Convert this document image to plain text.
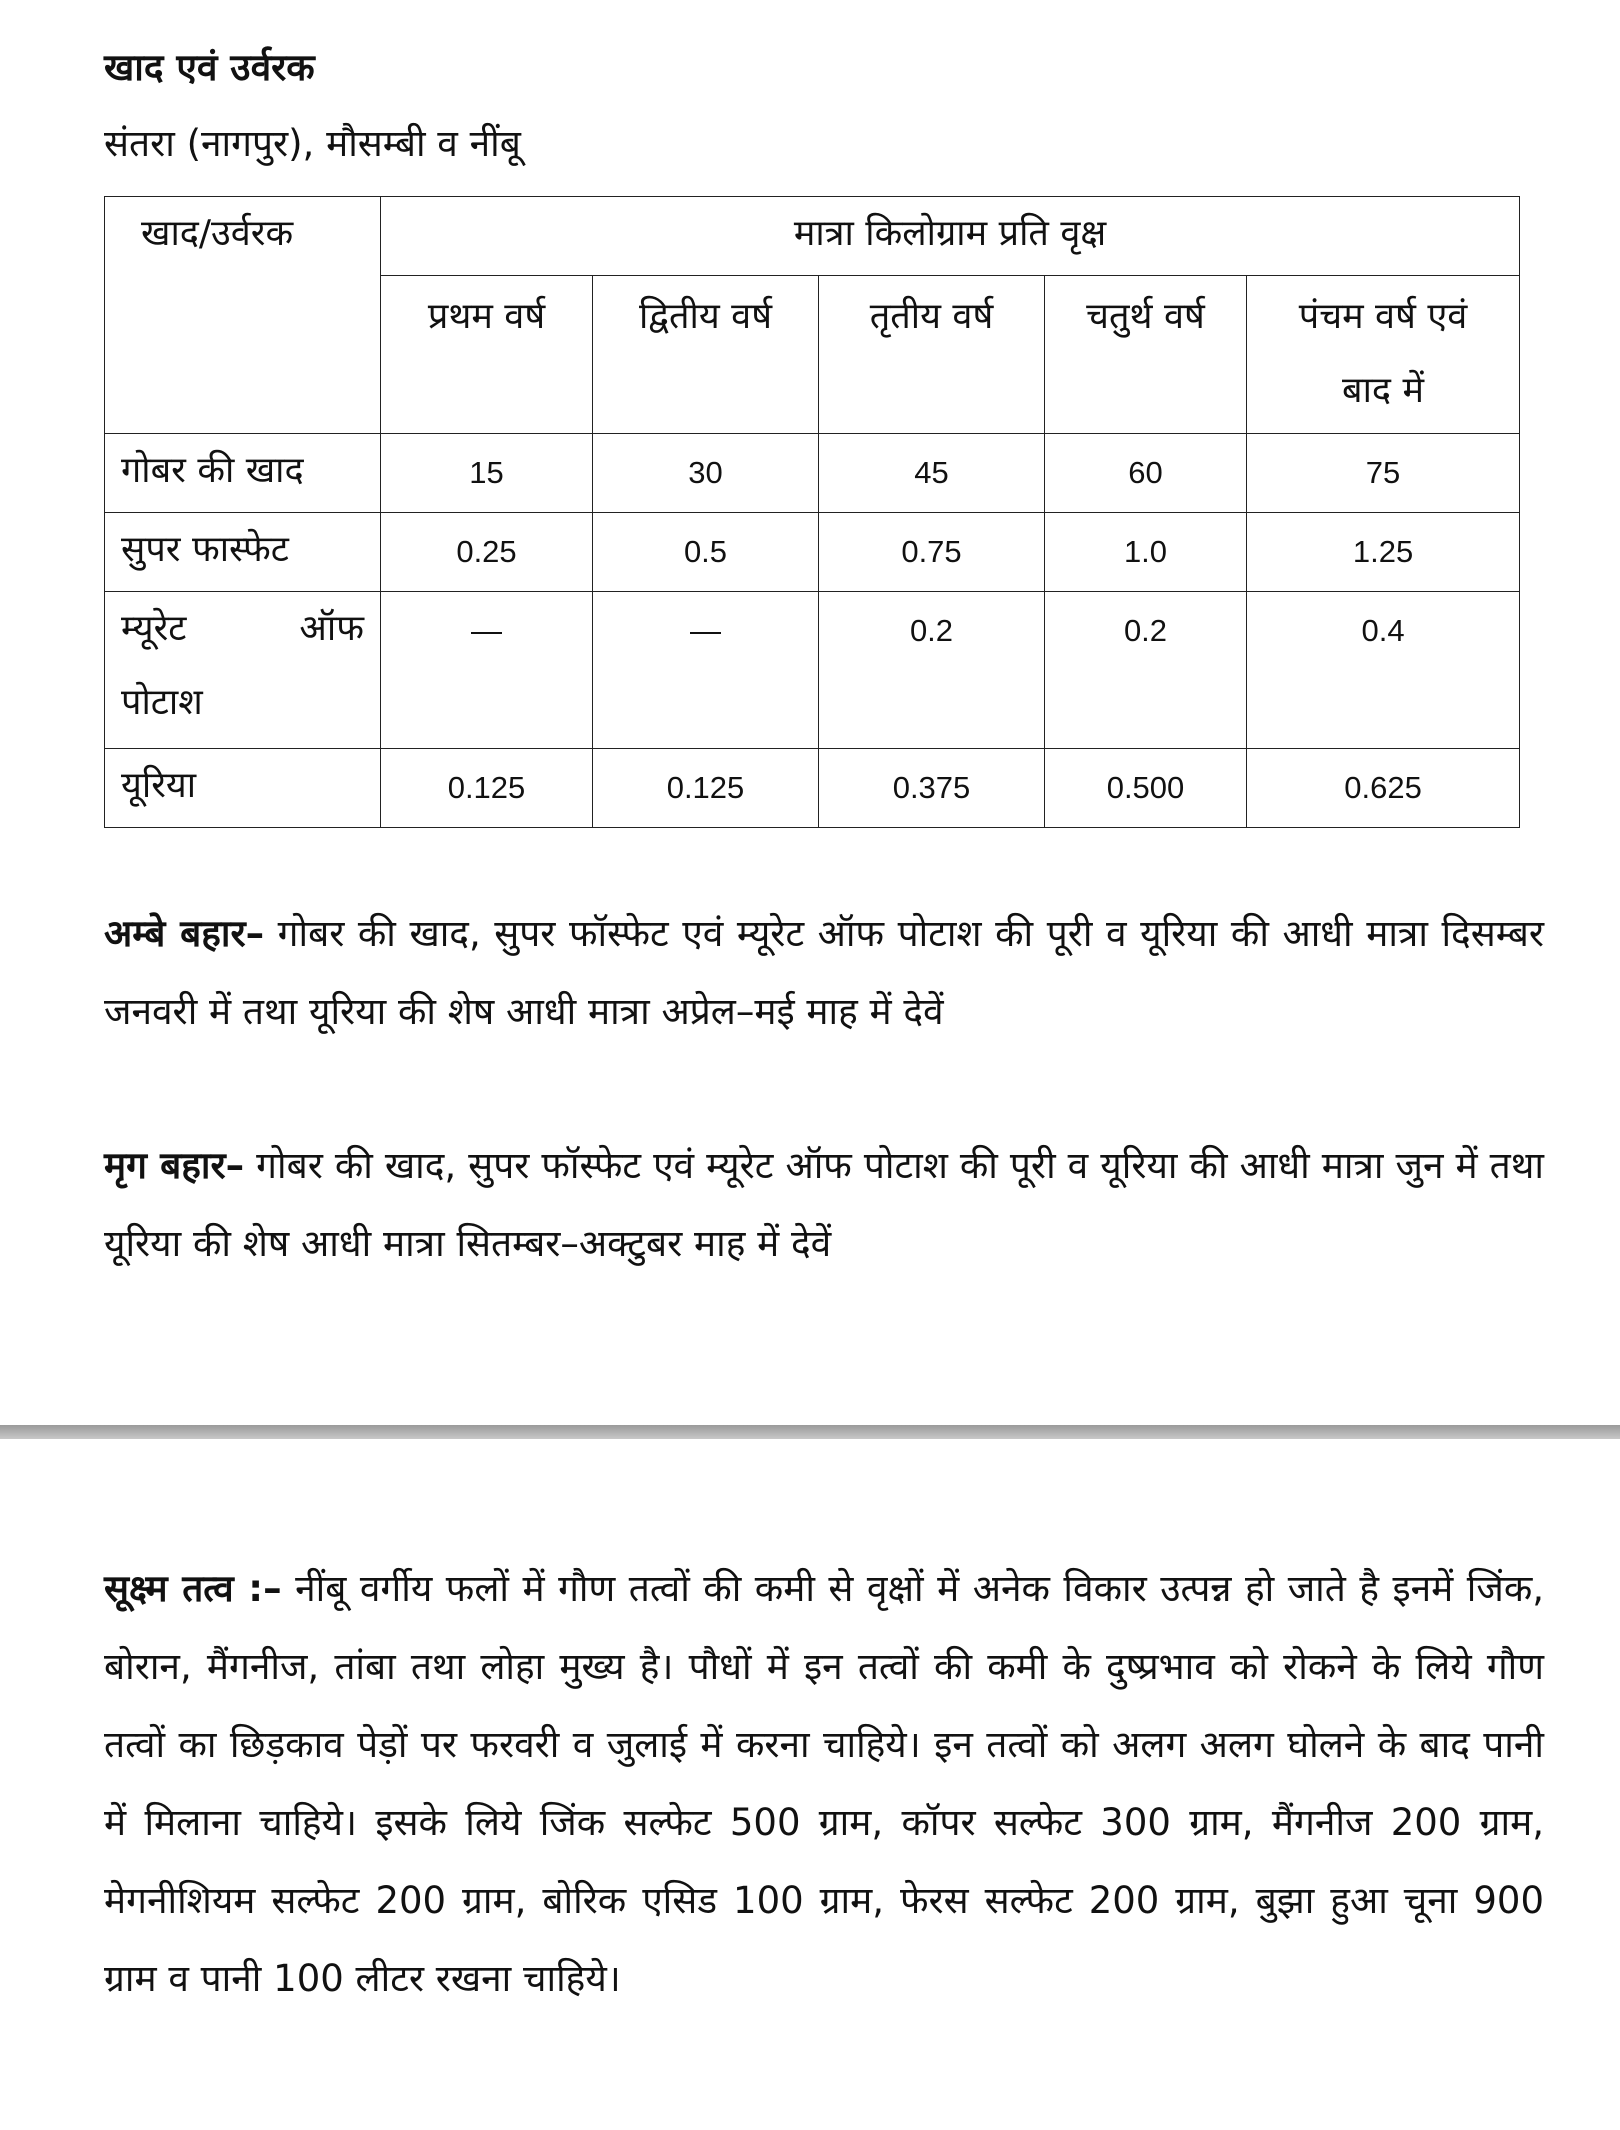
खाद एवं उर्वरक

संतरा (नागपुर), मौसम्बी व नींबू

खाद/उर्वरक	मात्रा किलोग्राम प्रति वृक्ष				
	प्रथम वर्ष	द्वितीय वर्ष	तृतीय वर्ष	चतुर्थ वर्ष	पंचम वर्ष एवं बाद में
गोबर की खाद	15	30	45	60	75
सुपर फास्फेट	0.25	0.5	0.75	1.0	1.25

म्यूरेट ऑफ
पोटाश	—	—	0.2	0.2	0.4
यूरिया	0.125	0.125	0.375	0.500	0.625

अम्बे बहार– गोबर की खाद, सुपर फॉस्फेट एवं म्यूरेट ऑफ पोटाश की पूरी व यूरिया की आधी मात्रा दिसम्बर जनवरी में तथा यूरिया की शेष आधी मात्रा अप्रेल–मई माह में देवें

मृग बहार– गोबर की खाद, सुपर फॉस्फेट एवं म्यूरेट ऑफ पोटाश की पूरी व यूरिया की आधी मात्रा जुन में तथा यूरिया की शेष आधी मात्रा सितम्बर–अक्टुबर माह में देवें

सूक्ष्म तत्व :– नींबू वर्गीय फलों में गौण तत्वों की कमी से वृक्षों में अनेक विकार उत्पन्न हो जाते है इनमें जिंक, बोरान, मैंगनीज, तांबा तथा लोहा मुख्य है। पौधों में इन तत्वों की कमी के दुष्प्रभाव को रोकने के लिये गौण तत्वों का छिड़काव पेड़ों पर फरवरी व जुलाई में करना चाहिये। इन तत्वों को अलग अलग घोलने के बाद पानी में मिलाना चाहिये। इसके लिये जिंक सल्फेट 500 ग्राम, कॉपर सल्फेट 300 ग्राम, मैंगनीज 200 ग्राम, मेगनीशियम सल्फेट 200 ग्राम, बोरिक एसिड 100 ग्राम, फेरस सल्फेट 200 ग्राम, बुझा हुआ चूना 900 ग्राम व पानी 100 लीटर रखना चाहिये।
